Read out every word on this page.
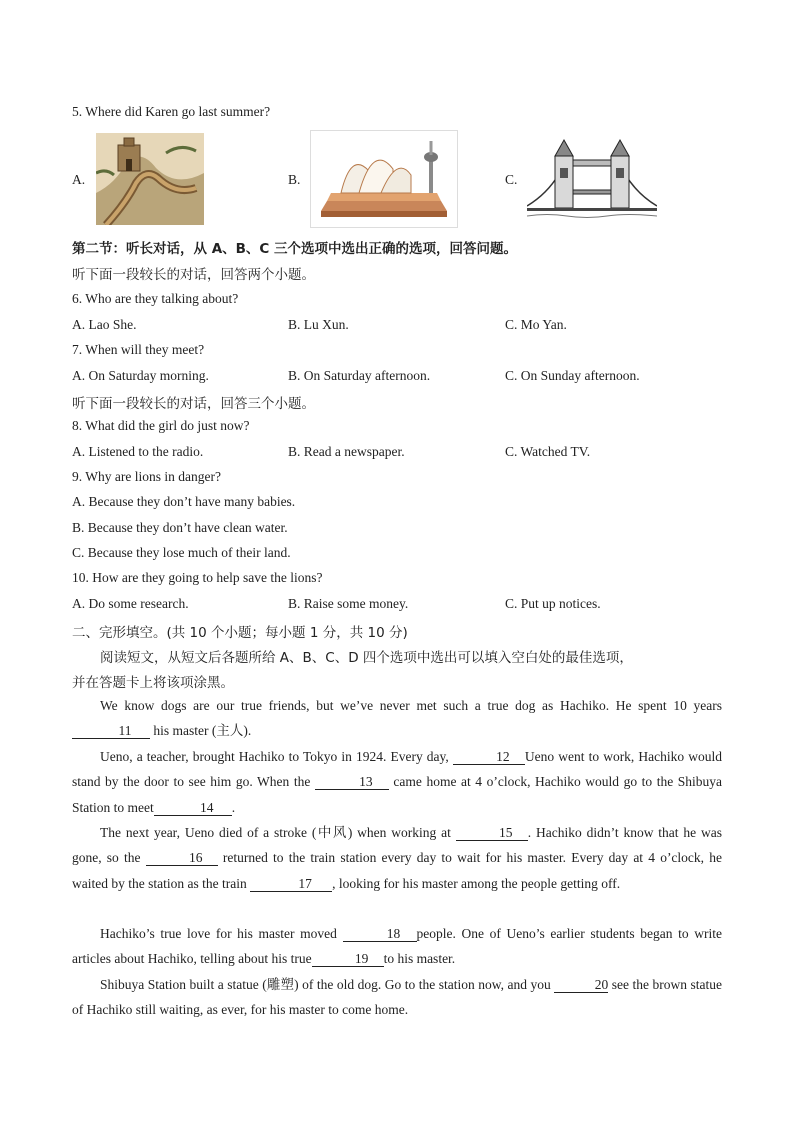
5. Where did Karen go last summer?
A.	B.	C.
第二节：听长对话，从 A、B、C 三个选项中选出正确的选项，回答问题。
听下面一段较长的对话，回答两个小题。
6. Who are they talking about?
A. Lao She.	B. Lu Xun.	C. Mo Yan.
7. When will they meet?
A. On Saturday morning.	B. On Saturday afternoon.	C. On Sunday afternoon.
听下面一段较长的对话，回答三个小题。
8. What did the girl do just now?
A. Listened to the radio.	B. Read a newspaper.	C. Watched TV.
9. Why are lions in danger?
A. Because they don’t have many babies.
B. Because they don’t have clean water.
C. Because they lose much of their land.
10. How are they going to help save the lions?
A. Do some research.	B. Raise some money.	C. Put up notices.
二、完形填空。(共 10 个小题；每小题 1 分，共 10 分)
阅读短文，从短文后各题所给 A、B、C、D 四个选项中选出可以填入空白处的最佳选项，
并在答题卡上将该项涂黑。
We know dogs are our true friends, but we’ve never met such a true dog as Hachiko. He spent 10 years 11 his master (主人).
Ueno, a teacher, brought Hachiko to Tokyo in 1924. Every day,	12 Ueno went to work, Hachiko would stand by the door to see him go. When the	13 came home at 4 o’clock, Hachiko would go to the Shibuya Station to meet	14 .
The next year, Ueno died of a stroke (中风) when working at	15 . Hachiko didn’t know that he was gone, so the	16 returned to the train station every day to wait for his master. Every day at 4 o’clock, he waited by the station as the train	17 , looking for his master among the people getting off.
Hachiko’s true love for his master moved	18 people. One of Ueno’s earlier students began to write articles about Hachiko, telling about his true	19 to his master.
Shibuya Station built a statue (雕塑) of the old dog. Go to the station now, and you	20 see the brown statue of Hachiko still waiting, as ever, for his master to come home.
